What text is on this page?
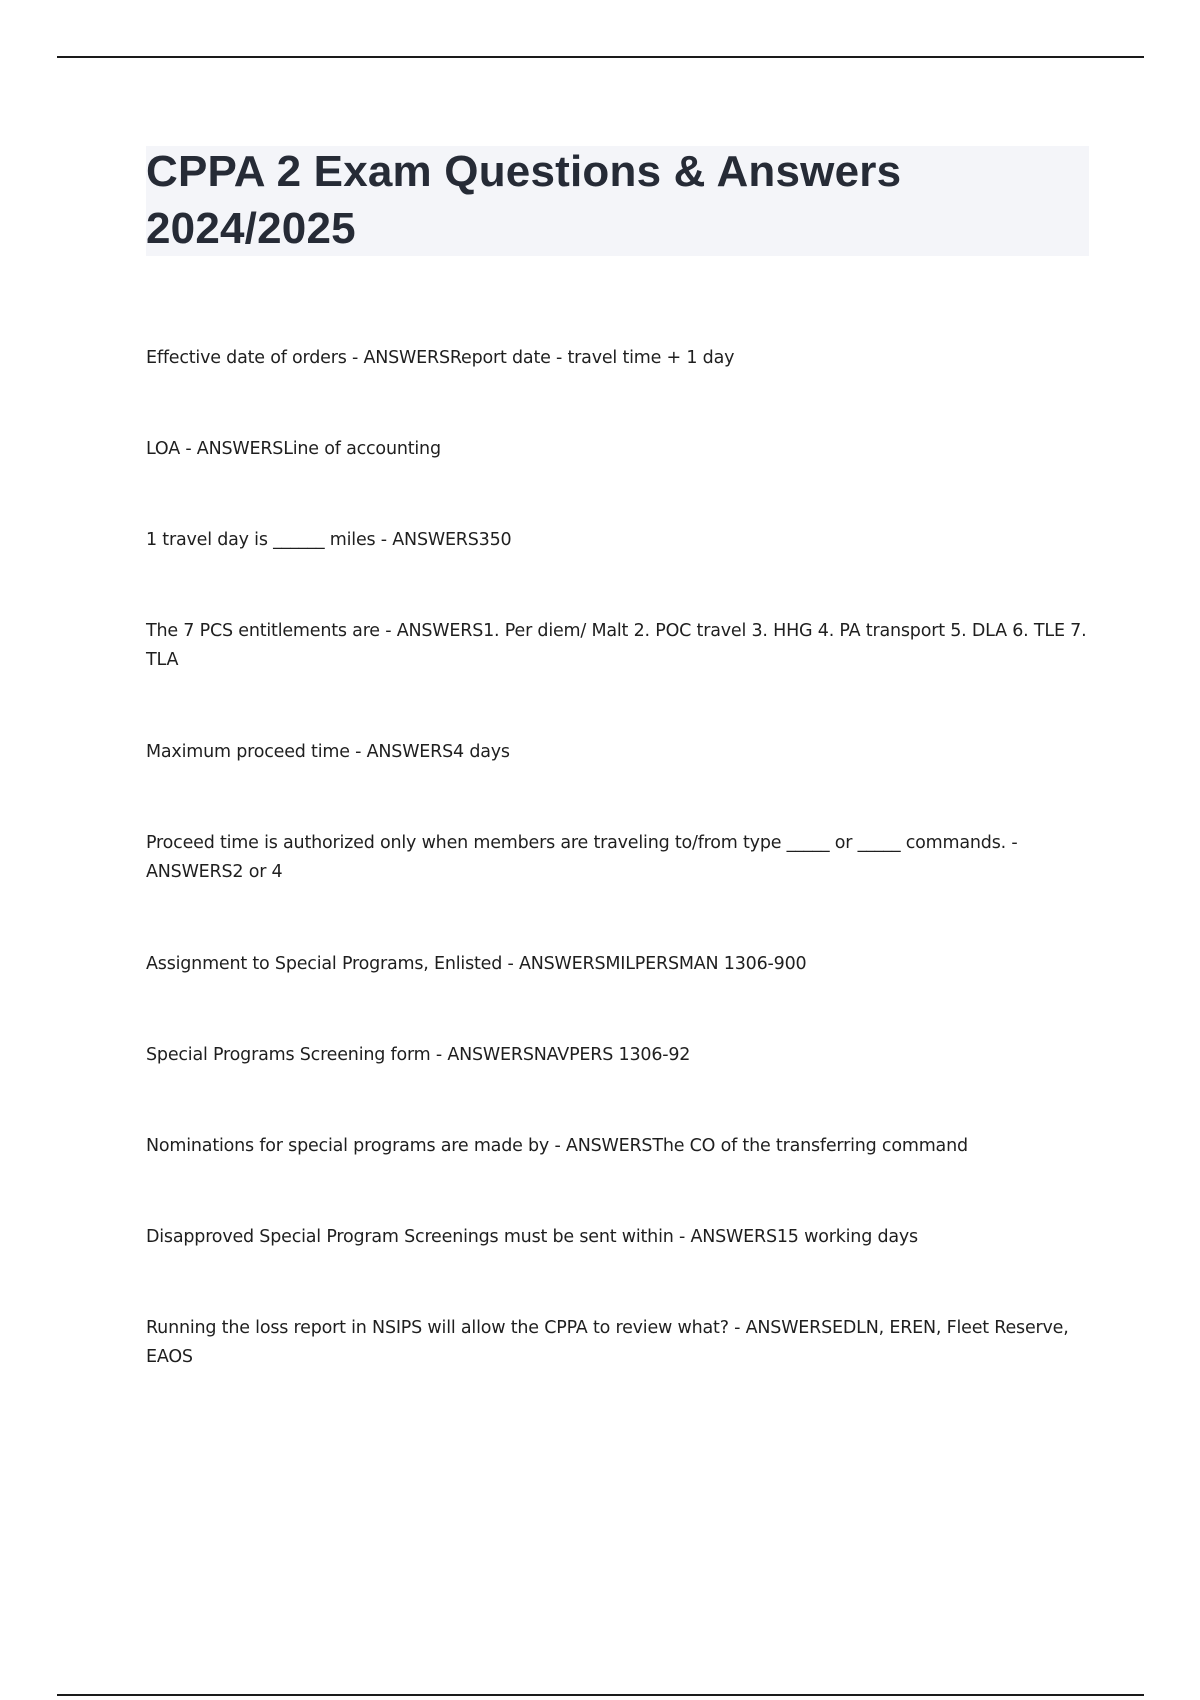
CPPA 2 Exam Questions & Answers
2024/2025

Effective date of orders - ANSWERSReport date - travel time + 1 day

LOA - ANSWERSLine of accounting

1 travel day is ______ miles - ANSWERS350

The 7 PCS entitlements are - ANSWERS1. Per diem/ Malt 2. POC travel 3. HHG 4. PA transport 5. DLA 6. TLE 7. TLA

Maximum proceed time - ANSWERS4 days

Proceed time is authorized only when members are traveling to/from type _____ or _____ commands. - ANSWERS2 or 4

Assignment to Special Programs, Enlisted - ANSWERSMILPERSMAN 1306-900

Special Programs Screening form - ANSWERSNAVPERS 1306-92

Nominations for special programs are made by - ANSWERSThe CO of the transferring command

Disapproved Special Program Screenings must be sent within - ANSWERS15 working days

Running the loss report in NSIPS will allow the CPPA to review what? - ANSWERSEDLN, EREN, Fleet Reserve, EAOS
